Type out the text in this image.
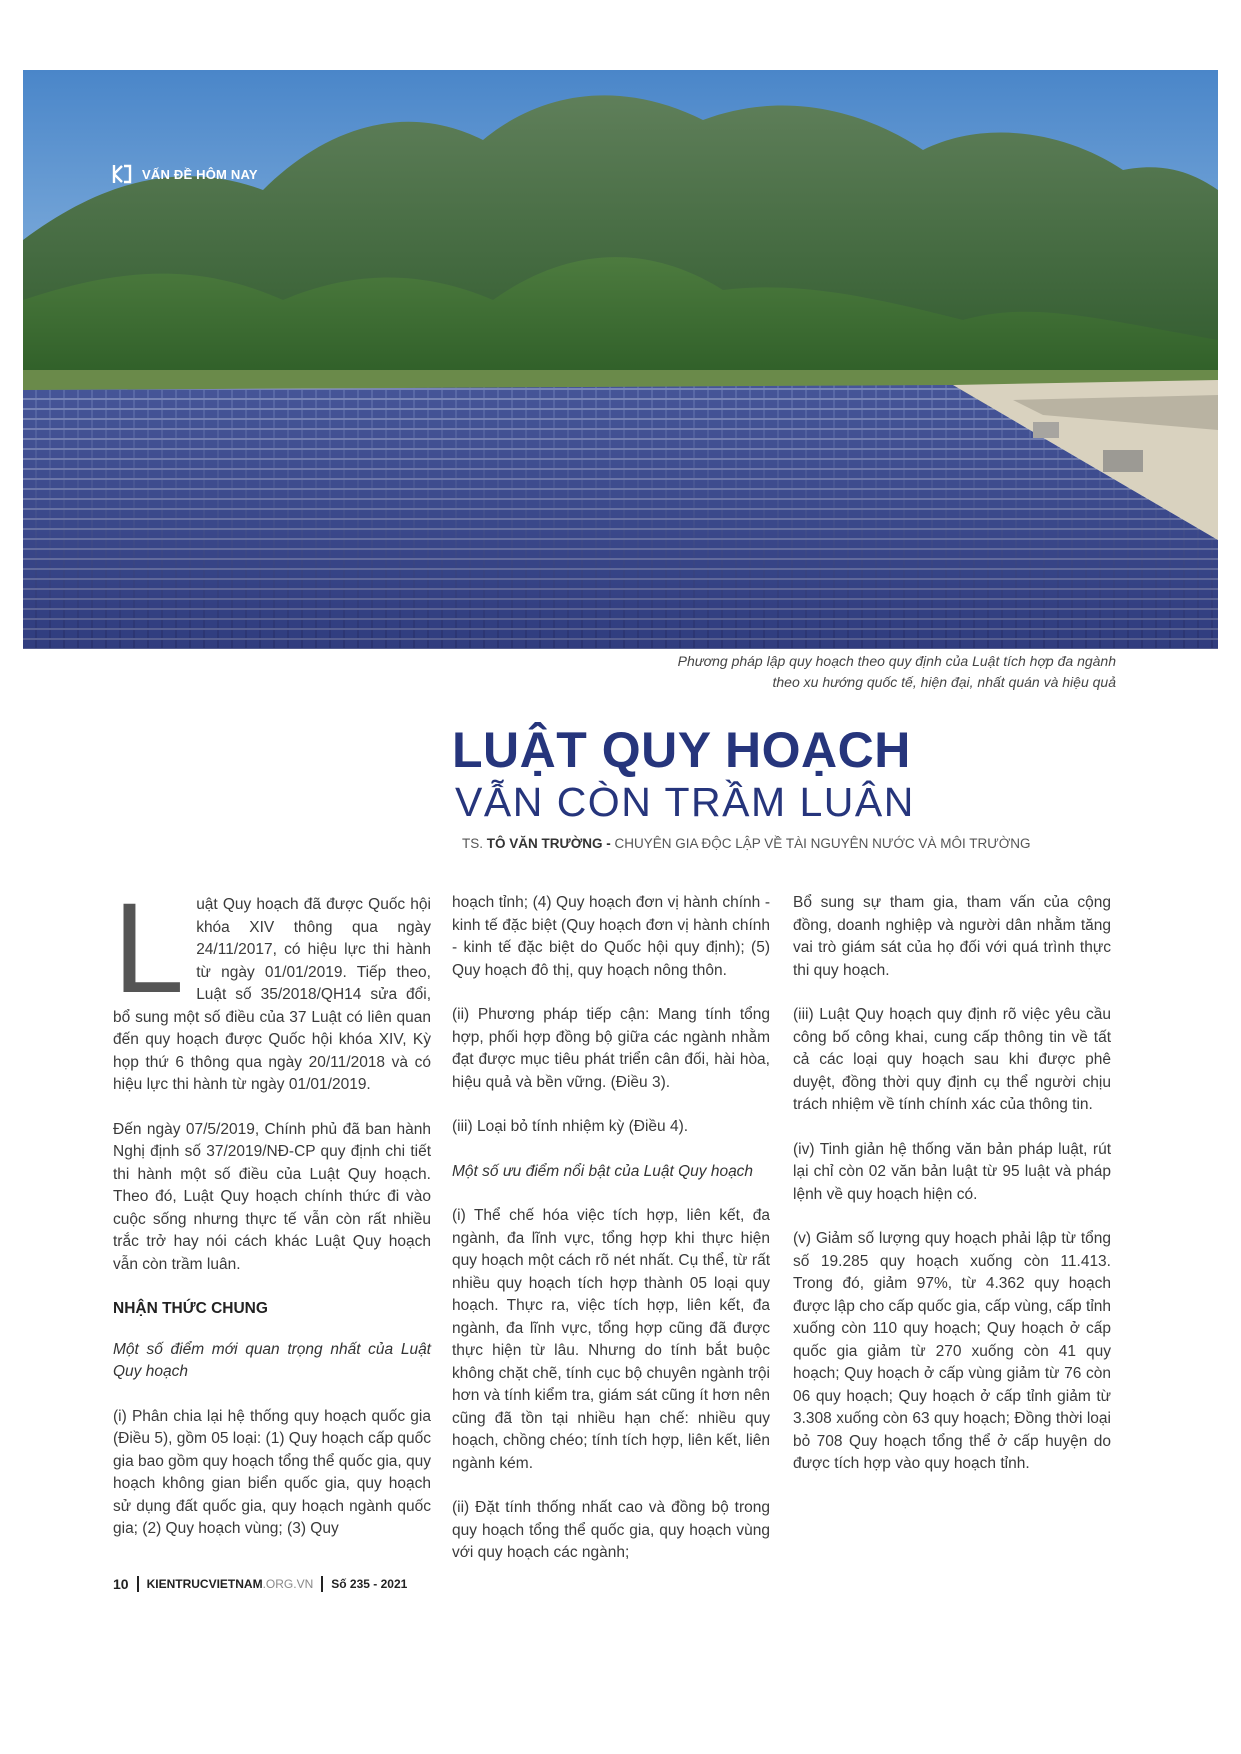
VẤN ĐỀ HÔM NAY
Phương pháp lập quy hoạch theo quy định của Luật tích hợp đa ngành
theo xu hướng quốc tế, hiện đại, nhất quán và hiệu quả
LUẬT QUY HOẠCH
VẪN CÒN TRẦM LUÂN
TS. TÔ VĂN TRƯỜNG - CHUYÊN GIA ĐỘC LẬP VỀ TÀI NGUYÊN NƯỚC VÀ MÔI TRƯỜNG

Luật Quy hoạch đã được Quốc hội khóa XIV thông qua ngày 24/11/2017, có hiệu lực thi hành từ ngày 01/01/2019. Tiếp theo, Luật số 35/2018/QH14 sửa đổi, bổ sung một số điều của 37 Luật có liên quan đến quy hoạch được Quốc hội khóa XIV, Kỳ họp thứ 6 thông qua ngày 20/11/2018 và có hiệu lực thi hành từ ngày 01/01/2019.

Đến ngày 07/5/2019, Chính phủ đã ban hành Nghị định số 37/2019/NĐ-CP quy định chi tiết thi hành một số điều của Luật Quy hoạch. Theo đó, Luật Quy hoạch chính thức đi vào cuộc sống nhưng thực tế vẫn còn rất nhiều trắc trở hay nói cách khác Luật Quy hoạch vẫn còn trầm luân.

NHẬN THỨC CHUNG

Một số điểm mới quan trọng nhất của Luật Quy hoạch

(i) Phân chia lại hệ thống quy hoạch quốc gia (Điều 5), gồm 05 loại: (1) Quy hoạch cấp quốc gia bao gồm quy hoạch tổng thể quốc gia, quy hoạch không gian biển quốc gia, quy hoạch sử dụng đất quốc gia, quy hoạch ngành quốc gia; (2) Quy hoạch vùng; (3) Quy

hoạch tỉnh; (4) Quy hoạch đơn vị hành chính - kinh tế đặc biệt (Quy hoạch đơn vị hành chính - kinh tế đặc biệt do Quốc hội quy định); (5) Quy hoạch đô thị, quy hoạch nông thôn.

(ii) Phương pháp tiếp cận: Mang tính tổng hợp, phối hợp đồng bộ giữa các ngành nhằm đạt được mục tiêu phát triển cân đối, hài hòa, hiệu quả và bền vững. (Điều 3).

(iii) Loại bỏ tính nhiệm kỳ (Điều 4).

Một số ưu điểm nổi bật của Luật Quy hoạch

(i) Thể chế hóa việc tích hợp, liên kết, đa ngành, đa lĩnh vực, tổng hợp khi thực hiện quy hoạch một cách rõ nét nhất. Cụ thể, từ rất nhiều quy hoạch tích hợp thành 05 loại quy hoạch. Thực ra, việc tích hợp, liên kết, đa ngành, đa lĩnh vực, tổng hợp cũng đã được thực hiện từ lâu. Nhưng do tính bắt buộc không chặt chẽ, tính cục bộ chuyên ngành trội hơn và tính kiểm tra, giám sát cũng ít hơn nên cũng đã tồn tại nhiều hạn chế: nhiều quy hoạch, chồng chéo; tính tích hợp, liên kết, liên ngành kém.

(ii) Đặt tính thống nhất cao và đồng bộ trong quy hoạch tổng thể quốc gia, quy hoạch vùng với quy hoạch các ngành;

Bổ sung sự tham gia, tham vấn của cộng đồng, doanh nghiệp và người dân nhằm tăng vai trò giám sát của họ đối với quá trình thực thi quy hoạch.

(iii) Luật Quy hoạch quy định rõ việc yêu cầu công bố công khai, cung cấp thông tin về tất cả các loại quy hoạch sau khi được phê duyệt, đồng thời quy định cụ thể người chịu trách nhiệm về tính chính xác của thông tin.

(iv) Tinh giản hệ thống văn bản pháp luật, rút lại chỉ còn 02 văn bản luật từ 95 luật và pháp lệnh về quy hoạch hiện có.

(v) Giảm số lượng quy hoạch phải lập từ tổng số 19.285 quy hoạch xuống còn 11.413. Trong đó, giảm 97%, từ 4.362 quy hoạch được lập cho cấp quốc gia, cấp vùng, cấp tỉnh xuống còn 110 quy hoạch; Quy hoạch ở cấp quốc gia giảm từ 270 xuống còn 41 quy hoạch; Quy hoạch ở cấp vùng giảm từ 76 còn 06 quy hoạch; Quy hoạch ở cấp tỉnh giảm từ 3.308 xuống còn 63 quy hoạch; Đồng thời loại bỏ 708 Quy hoạch tổng thể ở cấp huyện do được tích hợp vào quy hoạch tỉnh.

10 KIENTRUCVIETNAM.ORG.VN Số 235 - 2021
